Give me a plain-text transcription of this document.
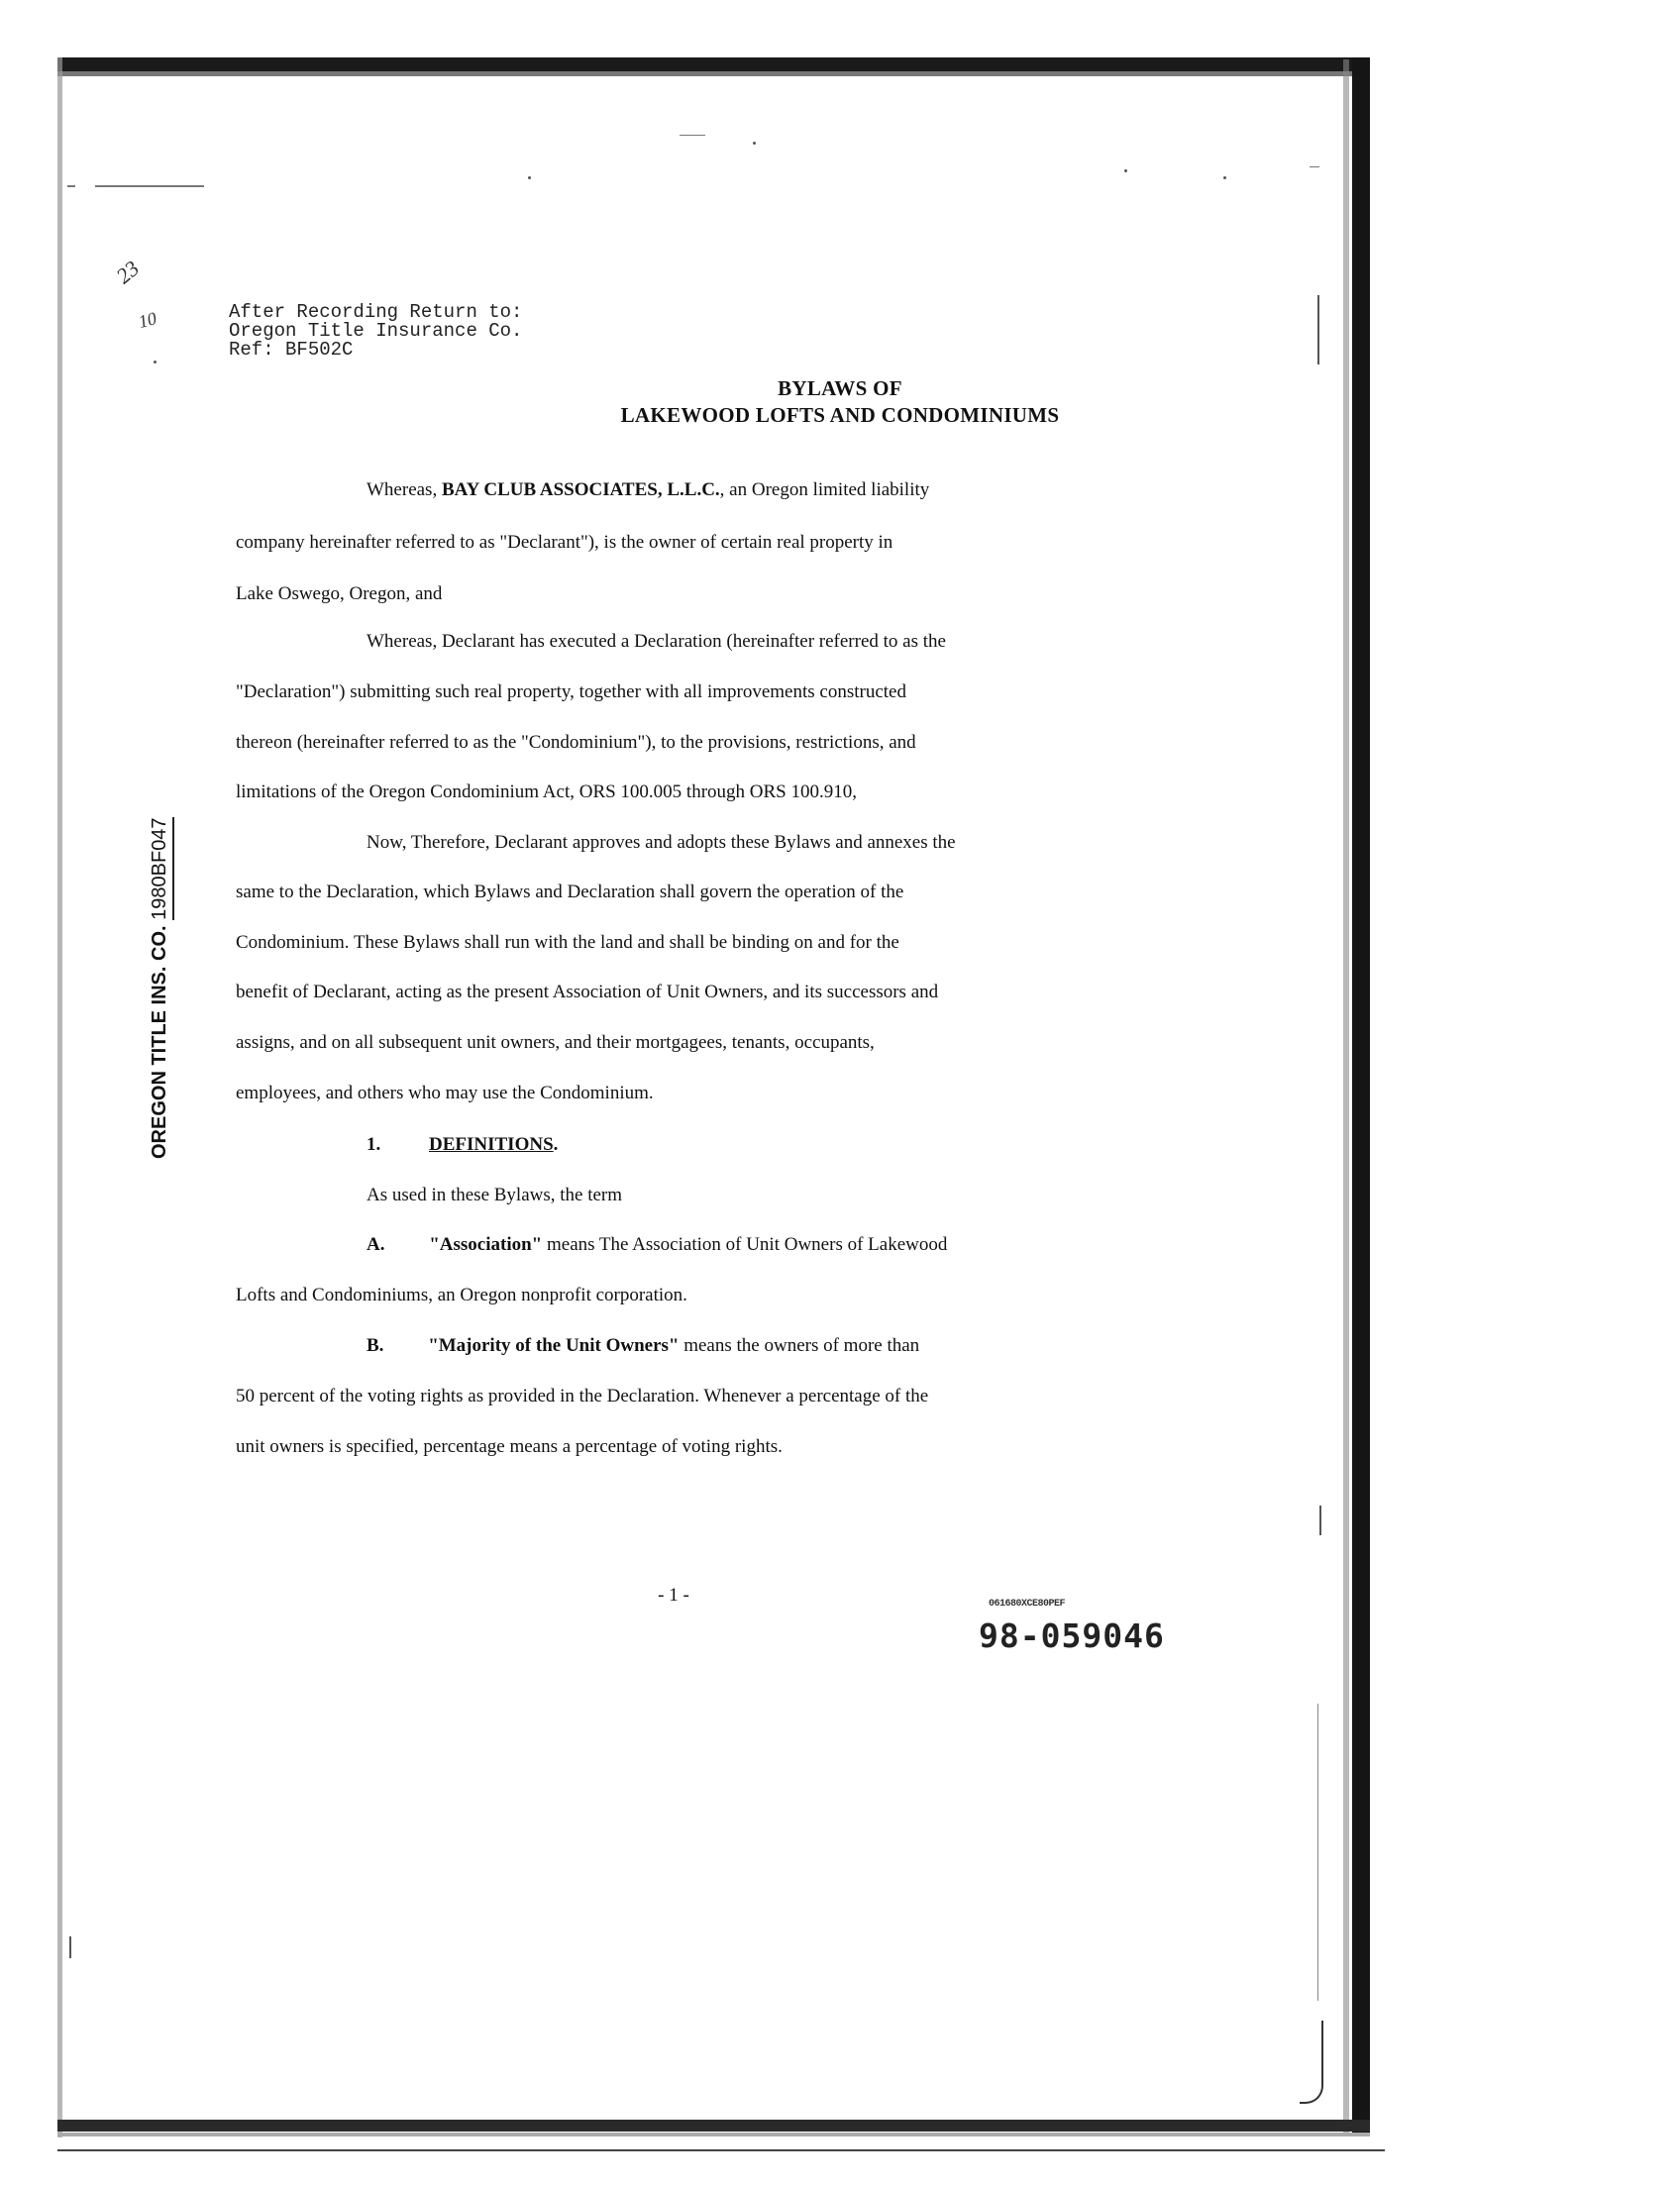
23
10	After Recording Return to:
Oregon Title Insurance Co.
Ref: BF502C
BYLAWS OF
LAKEWOOD LOFTS AND CONDOMINIUMS
Whereas, BAY CLUB ASSOCIATES, L.L.C., an Oregon limited liability
company hereinafter referred to as "Declarant"), is the owner of certain real property in
Lake Oswego, Oregon, and
Whereas, Declarant has executed a Declaration (hereinafter referred to as the
"Declaration") submitting such real property, together with all improvements constructed
thereon (hereinafter referred to as the "Condominium"), to the provisions, restrictions, and
limitations of the Oregon Condominium Act, ORS 100.005 through ORS 100.910,
Now, Therefore, Declarant approves and adopts these Bylaws and annexes the
same to the Declaration, which Bylaws and Declaration shall govern the operation of the
Condominium. These Bylaws shall run with the land and shall be binding on and for the
benefit of Declarant, acting as the present Association of Unit Owners, and its successors and
assigns, and on all subsequent unit owners, and their mortgagees, tenants, occupants,
employees, and others who may use the Condominium.
1.	DEFINITIONS.
As used in these Bylaws, the term
A. "Association" means The Association of Unit Owners of Lakewood
Lofts and Condominiums, an Oregon nonprofit corporation.
B. "Majority of the Unit Owners" means the owners of more than
50 percent of the voting rights as provided in the Declaration. Whenever a percentage of the
unit owners is specified, percentage means a percentage of voting rights.
OREGON TITLE INS. CO. 1980BF047
- 1 -	061680XCE80PEF
98-059046
